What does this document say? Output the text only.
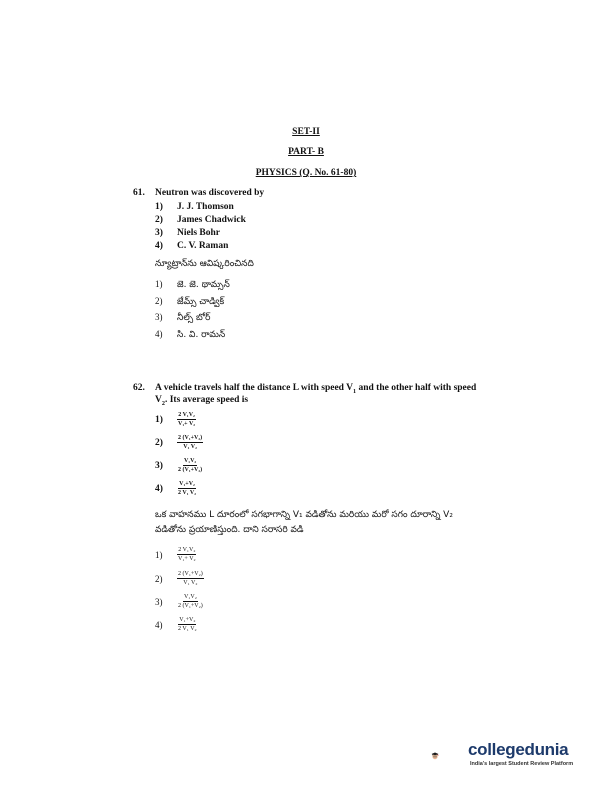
SET-II
PART- B
PHYSICS (Q. No. 61-80)
61. Neutron was discovered by
1) J. J. Thomson
2) James Chadwick
3) Niels Bohr
4) C. V. Raman
న్యూట్రాన్‌ను ఆవిష్కరించినది
1) జె. జె. థామ్సన్
2) జేమ్స్ చాడ్విక్
3) నీల్స్ బోర్
4) సి. వి. రామన్
62. A vehicle travels half the distance L with speed $V_1$ and the other half with speed
$V_2$. Its average speed is
1)	$\frac{\text{2 V₁V₂}}{\text{V₁+ V₂}}$
2)	$\frac{\text{2 (V₁+V₂)}}{\text{V₁ V₂}}$
3)	$\frac{\text{V₁V₂}}{\text{2 (V₁+V₂)}}$
4)	$\frac{\text{V₁+V₂}}{\text{2 V₁ V₂}}$
ఒక వాహనము L దూరంలో సగభాగాన్ని V₁ వడితోను మరియు మరో సగం దూరాన్ని V₂
వడితోను ప్రయాణిస్తుంది. దాని సరాసరి వడి
1)	$\frac{\text{2 V₁V₂}}{\text{V₁+ V₂}}$
2)	$\frac{\text{2 (V₁+V₂)}}{\text{V₁ V₂}}$
3)	$\frac{\text{V₁V₂}}{\text{2 (V₁+V₂)}}$
4)	$\frac{\text{V₁+V₂}}{\text{2 V₁ V₂}}$
collegedunia
India's largest Student Review Platform
